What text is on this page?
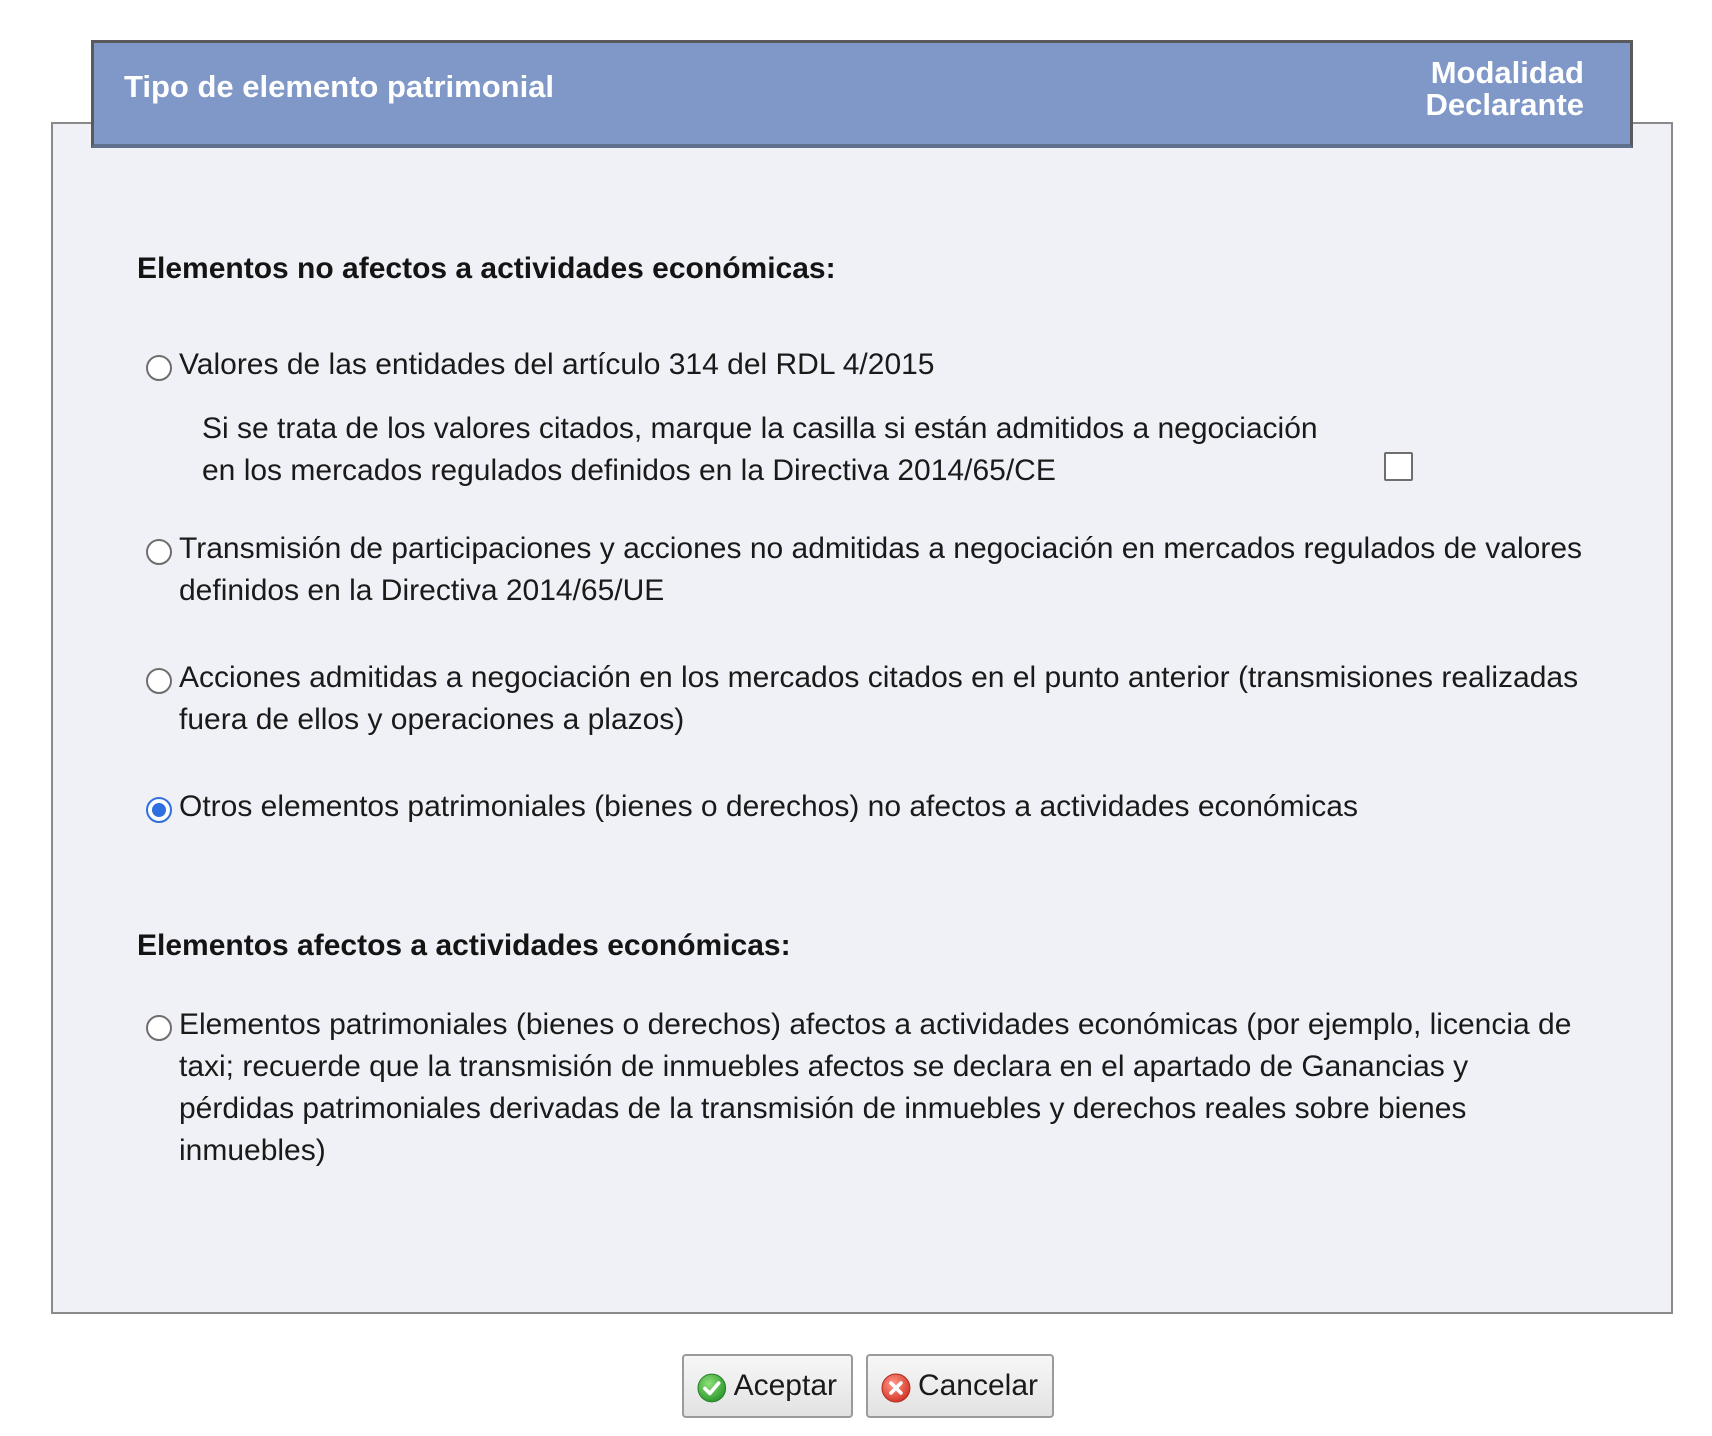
Tipo de elemento patrimonial	Modalidad
Declarante
Elementos no afectos a actividades económicas:
Valores de las entidades del artículo 314 del RDL 4/2015
Si se trata de los valores citados, marque la casilla si están admitidos a negociación
en los mercados regulados definidos en la Directiva 2014/65/CE
Transmisión de participaciones y acciones no admitidas a negociación en mercados regulados de valores definidos en la Directiva 2014/65/UE
Acciones admitidas a negociación en los mercados citados en el punto anterior (transmisiones realizadas fuera de ellos y operaciones a plazos)
Otros elementos patrimoniales (bienes o derechos) no afectos a actividades económicas
Elementos afectos a actividades económicas:
Elementos patrimoniales (bienes o derechos) afectos a actividades económicas (por ejemplo, licencia de taxi; recuerde que la transmisión de inmuebles afectos se declara en el apartado de Ganancias y pérdidas patrimoniales derivadas de la transmisión de inmuebles y derechos reales sobre bienes inmuebles)
Aceptar	Cancelar
